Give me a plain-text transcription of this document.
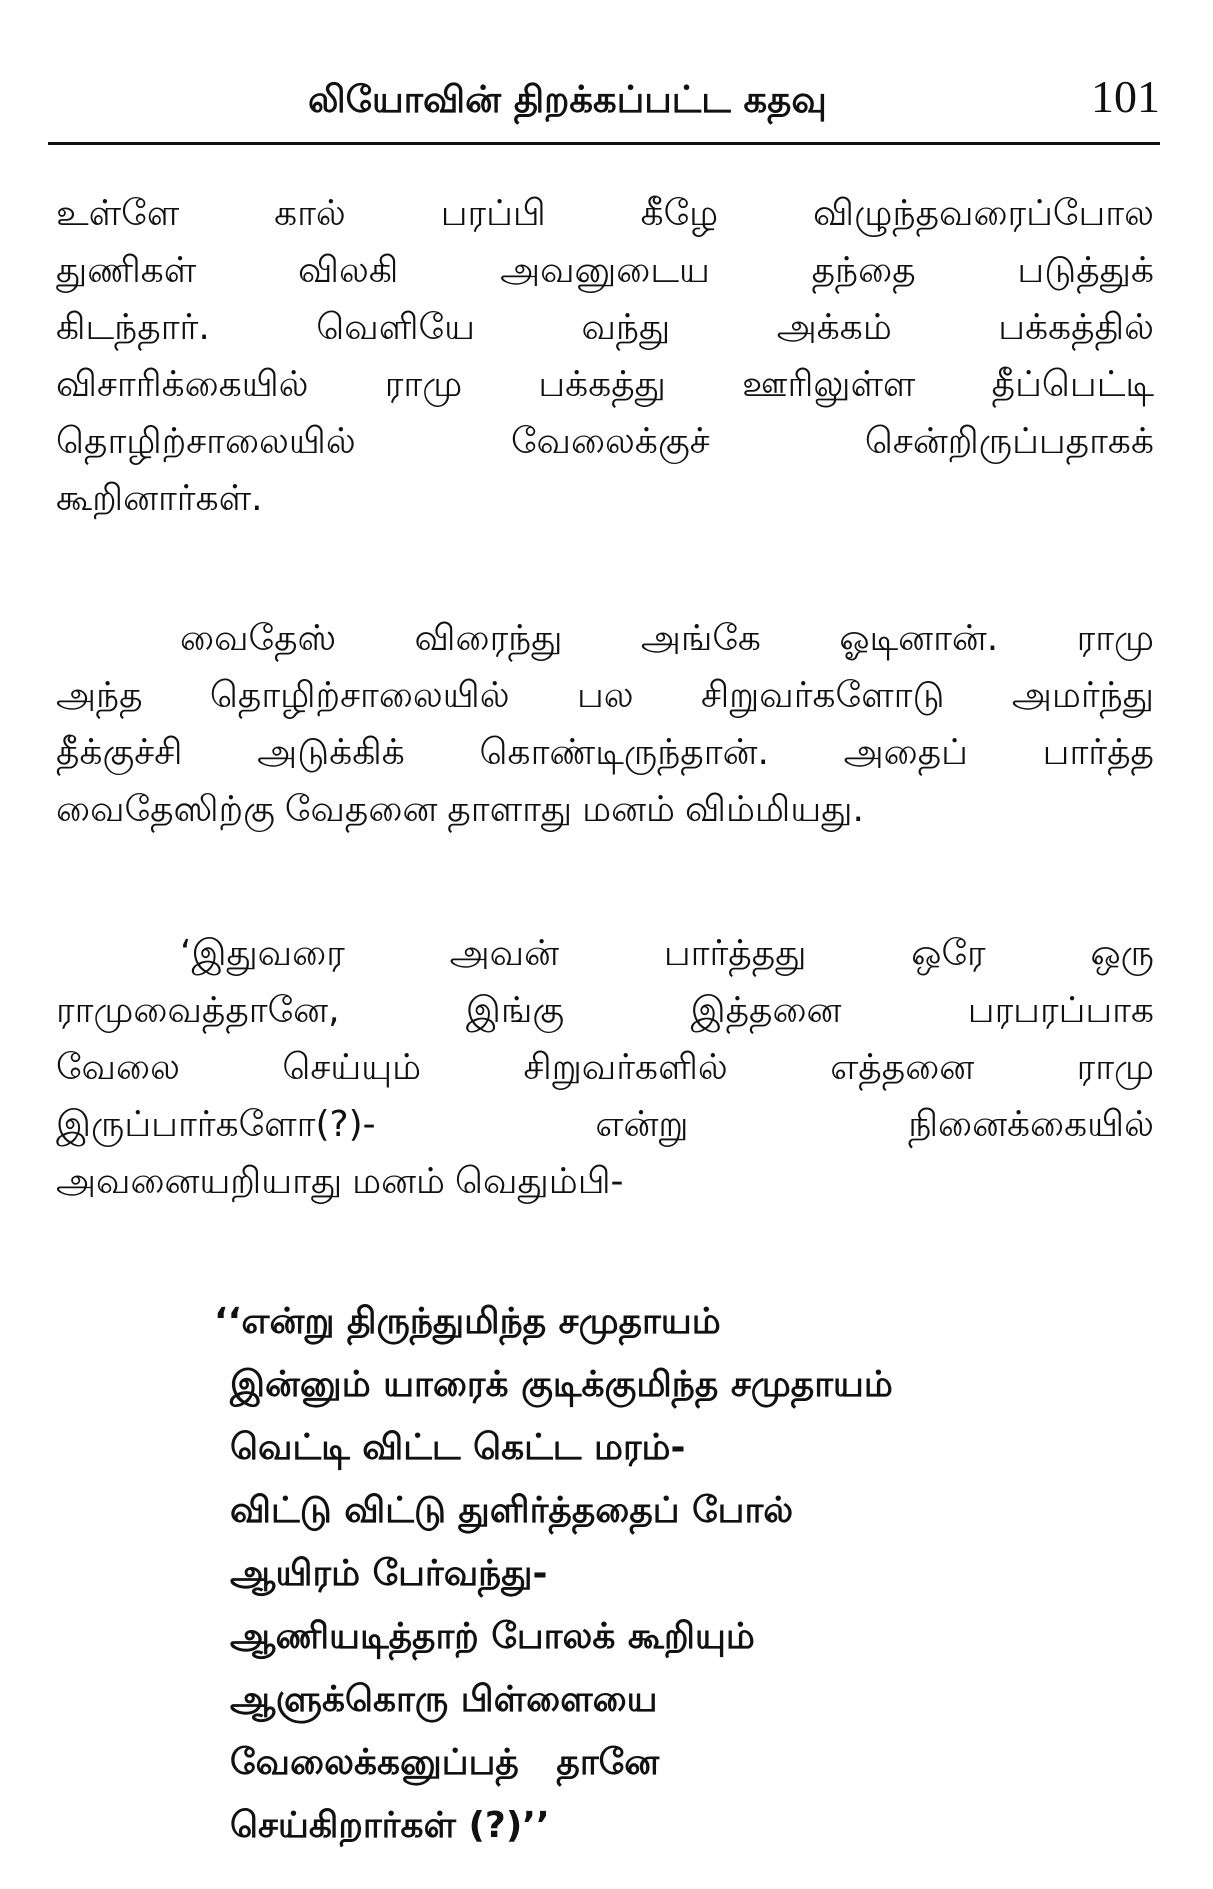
லியோவின் திறக்கப்பட்ட கதவு	101
உள்ளே	கால்	பரப்பி	கீழே	விழுந்தவரைப்போல
துணிகள்	விலகி	அவனுடைய	தந்தை	படுத்துக்
கிடந்தார்.	வெளியே	வந்து	அக்கம்	பக்கத்தில்
விசாரிக்கையில் ராமு பக்கத்து ஊரிலுள்ள தீப்பெட்டி
தொழிற்சாலையில்	வேலைக்குச்	சென்றிருப்பதாகக்
கூறினார்கள்.
வைதேஸ் விரைந்து அங்கே ஓடினான். ராமு
அந்த தொழிற்சாலையில் பல சிறுவர்களோடு அமர்ந்து
தீக்குச்சி அடுக்கிக் கொண்டிருந்தான். அதைப் பார்த்த
வைதேஸிற்கு வேதனை தாளாது மனம் விம்மியது.
‘இதுவரை	அவன்	பார்த்தது	ஒரே	ஒரு
ராமுவைத்தானே,	இங்கு	இத்தனை	பரபரப்பாக
வேலை	செய்யும்	சிறுவர்களில்	எத்தனை	ராமு
இருப்பார்களோ(?)-	என்று	நினைக்கையில்
அவனையறியாது மனம் வெதும்பி-
‘‘என்று திருந்துமிந்த சமுதாயம்
இன்னும் யாரைக் குடிக்குமிந்த சமுதாயம்
வெட்டி விட்ட கெட்ட மரம்-
விட்டு விட்டு துளிர்த்ததைப் போல்
ஆயிரம் பேர்வந்து-
ஆணியடித்தாற் போலக் கூறியும்
ஆளுக்கொரு பிள்ளையை
வேலைக்கனுப்பத்   தானே
செய்கிறார்கள் (?)’’
